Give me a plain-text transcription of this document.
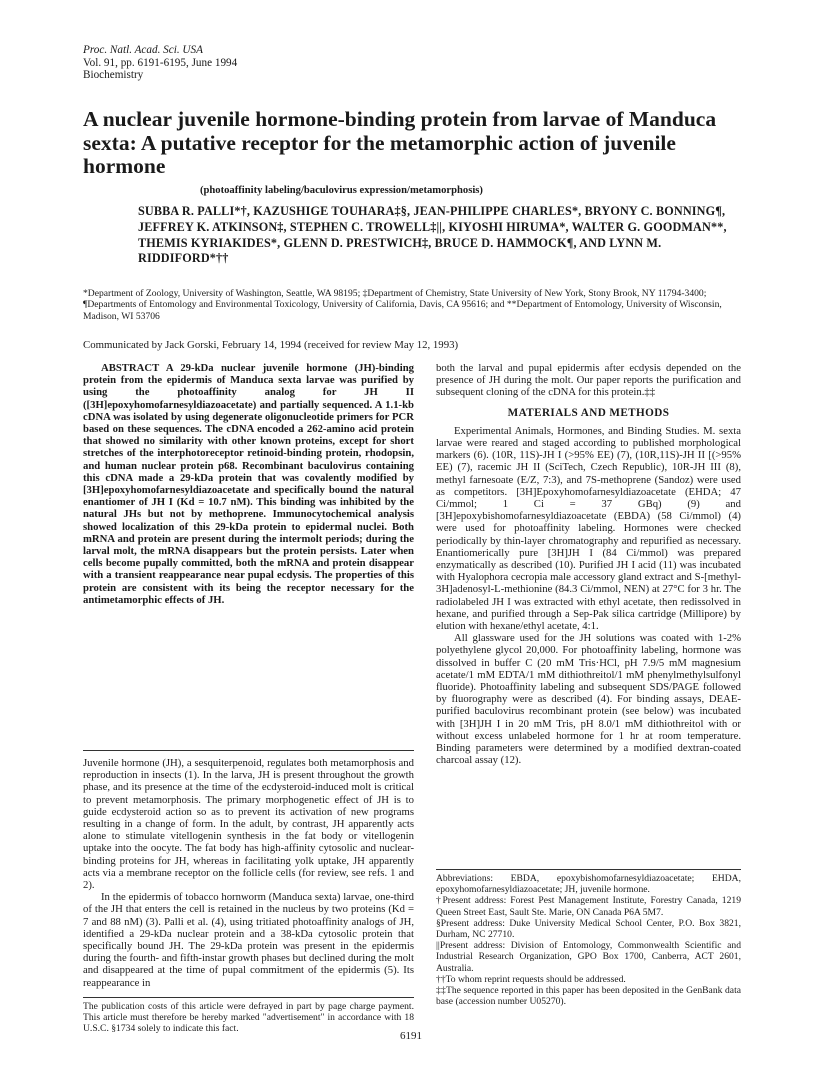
Proc. Natl. Acad. Sci. USA
Vol. 91, pp. 6191-6195, June 1994
Biochemistry
A nuclear juvenile hormone-binding protein from larvae of Manduca sexta: A putative receptor for the metamorphic action of juvenile hormone
(photoaffinity labeling/baculovirus expression/metamorphosis)
SUBBA R. PALLI*†, KAZUSHIGE TOUHARA‡§, JEAN-PHILIPPE CHARLES*, BRYONY C. BONNING¶, JEFFREY K. ATKINSON‡, STEPHEN C. TROWELL‡||, KIYOSHI HIRUMA*, WALTER G. GOODMAN**, THEMIS KYRIAKIDES*, GLENN D. PRESTWICH‡, BRUCE D. HAMMOCK¶, AND LYNN M. RIDDIFORD*††
*Department of Zoology, University of Washington, Seattle, WA 98195; ‡Department of Chemistry, State University of New York, Stony Brook, NY 11794-3400; ¶Departments of Entomology and Environmental Toxicology, University of California, Davis, CA 95616; and **Department of Entomology, University of Wisconsin, Madison, WI 53706
Communicated by Jack Gorski, February 14, 1994 (received for review May 12, 1993)

ABSTRACT A 29-kDa nuclear juvenile hormone (JH)-binding protein from the epidermis of Manduca sexta larvae was purified by using the photoaffinity analog for JH II ([3H]epoxyhomofarnesyldiazoacetate) and partially sequenced. A 1.1-kb cDNA was isolated by using degenerate oligonucleotide primers for PCR based on these sequences. The cDNA encoded a 262-amino acid protein that showed no similarity with other known proteins, except for short stretches of the interphotoreceptor retinoid-binding protein, rhodopsin, and human nuclear protein p68. Recombinant baculovirus containing this cDNA made a 29-kDa protein that was covalently modified by [3H]epoxyhomofarnesyldiazoacetate and specifically bound the natural enantiomer of JH I (Kd = 10.7 nM). This binding was inhibited by the natural JHs but not by methoprene. Immunocytochemical analysis showed localization of this 29-kDa protein to epidermal nuclei. Both mRNA and protein are present during the intermolt periods; during the larval molt, the mRNA disappears but the protein persists. Later when cells become pupally committed, both the mRNA and protein disappear with a transient reappearance near pupal ecdysis. The properties of this protein are consistent with its being the receptor necessary for the antimetamorphic effects of JH.

Juvenile hormone (JH), a sesquiterpenoid, regulates both metamorphosis and reproduction in insects (1). In the larva, JH is present throughout the growth phase, and its presence at the time of the ecdysteroid-induced molt is critical to prevent metamorphosis. The primary morphogenetic effect of JH is to guide ecdysteroid action so as to prevent its activation of new programs resulting in a change of form. In the adult, by contrast, JH apparently acts alone to stimulate vitellogenin synthesis in the fat body or vitellogenin uptake into the oocyte. The fat body has high-affinity cytosolic and nuclear-binding proteins for JH, whereas in facilitating yolk uptake, JH apparently acts via a membrane receptor on the follicle cells (for review, see refs. 1 and 2).

In the epidermis of tobacco hornworm (Manduca sexta) larvae, one-third of the JH that enters the cell is retained in the nucleus by two proteins (Kd = 7 and 88 nM) (3). Palli et al. (4), using tritiated photoaffinity analogs of JH, identified a 29-kDa nuclear protein and a 38-kDa cytosolic protein that specifically bound JH. The 29-kDa protein was present in the epidermis during the fourth- and fifth-instar growth phases but declined during the molt and disappeared at the time of pupal commitment of the epidermis (5). Its reappearance in

The publication costs of this article were defrayed in part by page charge payment. This article must therefore be hereby marked "advertisement" in accordance with 18 U.S.C. §1734 solely to indicate this fact.

both the larval and pupal epidermis after ecdysis depended on the presence of JH during the molt. Our paper reports the purification and subsequent cloning of the cDNA for this protein.‡‡

MATERIALS AND METHODS

Experimental Animals, Hormones, and Binding Studies. M. sexta larvae were reared and staged according to published morphological markers (6). (10R, 11S)-JH I (>95% EE) (7), (10R,11S)-JH II [(>95% EE) (7), racemic JH II (SciTech, Czech Republic), 10R-JH III (8), methyl farnesoate (E/Z, 7:3), and 7S-methoprene (Sandoz) were used as competitors. [3H]Epoxyhomofarnesyldiazoacetate (EHDA; 47 Ci/mmol; 1 Ci = 37 GBq) (9) and [3H]epoxybishomofarnesyldiazoacetate (EBDA) (58 Ci/mmol) (4) were used for photoaffinity labeling. Hormones were checked periodically by thin-layer chromatography and repurified as necessary. Enantiomerically pure [3H]JH I (84 Ci/mmol) was prepared enzymatically as described (10). Purified JH I acid (11) was incubated with Hyalophora cecropia male accessory gland extract and S-[methyl-3H]adenosyl-L-methionine (84.3 Ci/mmol, NEN) at 27°C for 3 hr. The radiolabeled JH I was extracted with ethyl acetate, then redissolved in hexane, and purified through a Sep-Pak silica cartridge (Millipore) by elution with hexane/ethyl acetate, 4:1.

All glassware used for the JH solutions was coated with 1-2% polyethylene glycol 20,000. For photoaffinity labeling, hormone was dissolved in buffer C (20 mM Tris·HCl, pH 7.9/5 mM magnesium acetate/1 mM EDTA/1 mM dithiothreitol/1 mM phenylmethylsulfonyl fluoride). Photoaffinity labeling and subsequent SDS/PAGE followed by fluorography were as described (4). For binding assays, DEAE-purified baculovirus recombinant protein (see below) was incubated with [3H]JH I in 20 mM Tris, pH 8.0/1 mM dithiothreitol with or without excess unlabeled hormone for 1 hr at room temperature. Binding parameters were determined by a modified dextran-coated charcoal assay (12).

Abbreviations: EBDA, epoxybishomofarnesyldiazoacetate; EHDA, epoxyhomofarnesyldiazoacetate; JH, juvenile hormone.

†Present address: Forest Pest Management Institute, Forestry Canada, 1219 Queen Street East, Sault Ste. Marie, ON Canada P6A 5M7.

§Present address: Duke University Medical School Center, P.O. Box 3821, Durham, NC 27710.

||Present address: Division of Entomology, Commonwealth Scientific and Industrial Research Organization, GPO Box 1700, Canberra, ACT 2601, Australia.

††To whom reprint requests should be addressed.

‡‡The sequence reported in this paper has been deposited in the GenBank data base (accession number U05270).

6191
